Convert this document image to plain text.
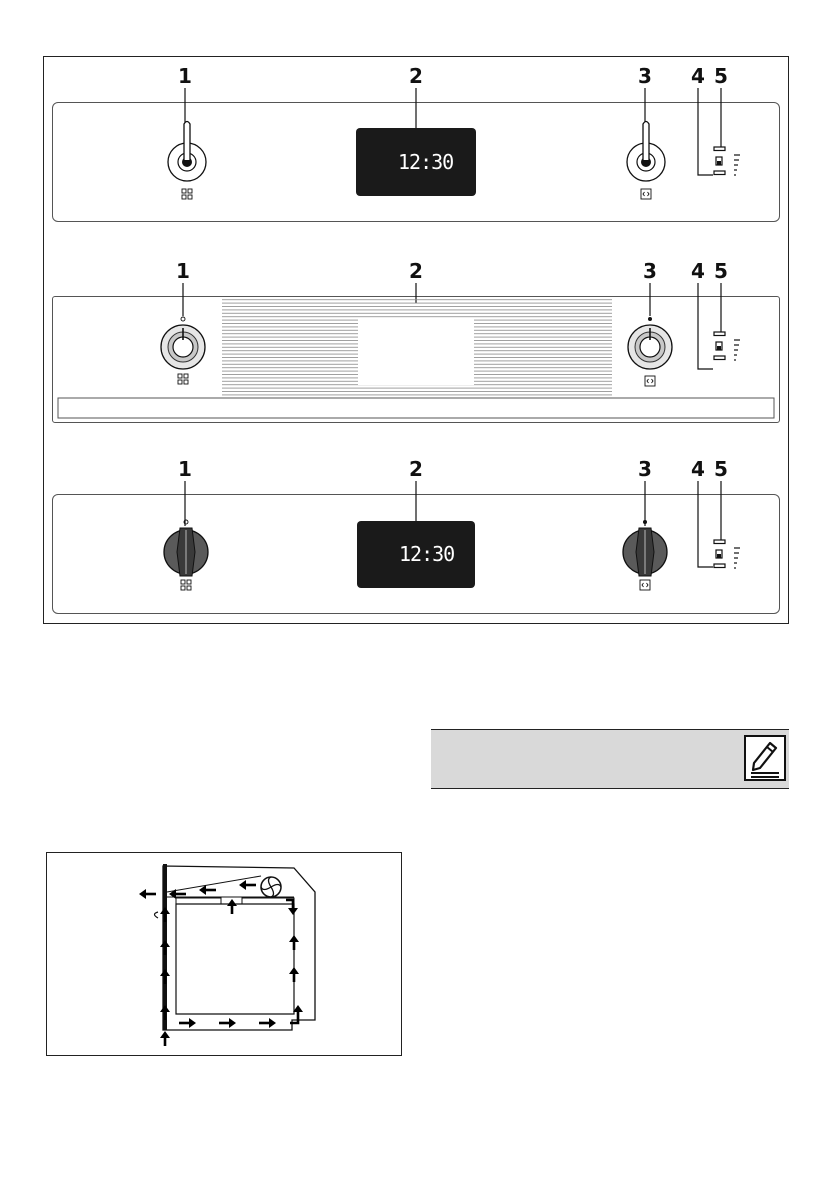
1	2	3 4 5
12:30
1	2	3 4 5
1	2	3 4 5
12:30
